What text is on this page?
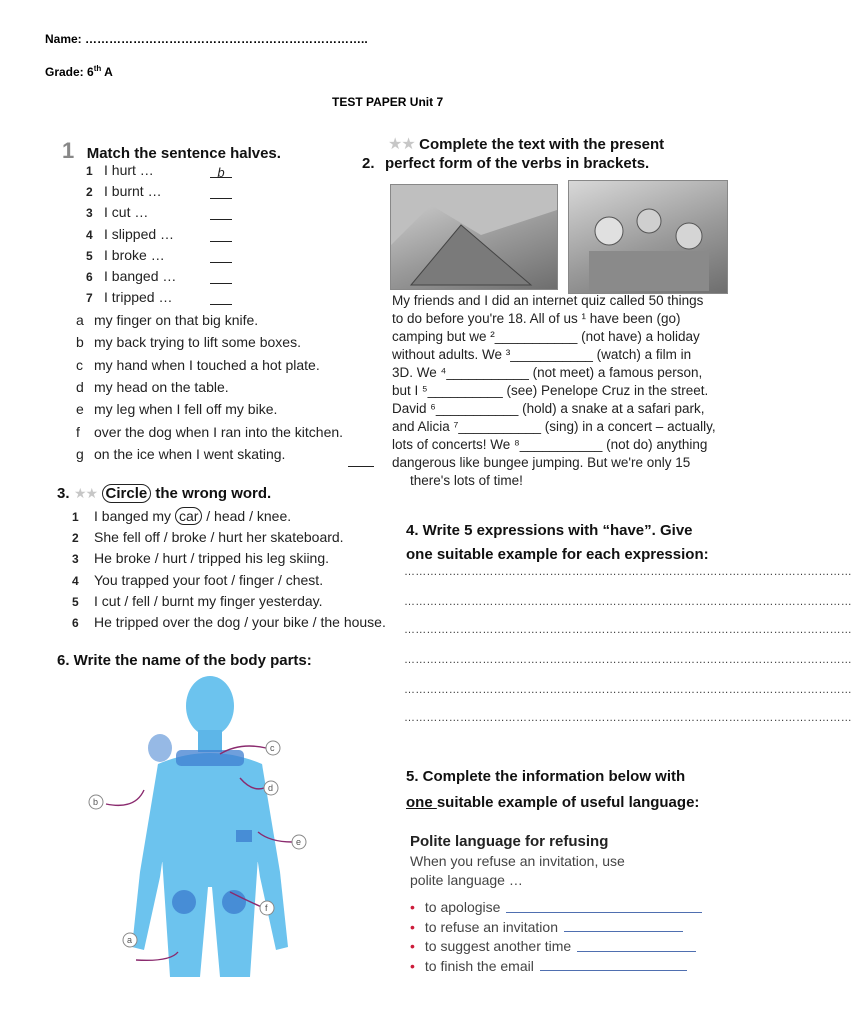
Name: ……………………………………………………………..
Grade: 6th A
TEST PAPER Unit 7
1 Match the sentence halves.
1 I hurt …	b
2 I burnt …
3 I cut …
4 I slipped …
5 I broke …
6 I banged …
7 I tripped …
a my finger on that big knife.
b my back trying to lift some boxes.
c my hand when I touched a hot plate.
d my head on the table.
e my leg when I fell off my bike.
f over the dog when I ran into the kitchen.
g on the ice when I went skating.
★★ Complete the text with the present
2. perfect form of the verbs in brackets.
My friends and I did an internet quiz called 50 things
to do before you're 18. All of us ¹ have been (go)
camping but we ²___________ (not have) a holiday
without adults. We ³___________ (watch) a film in
3D. We ⁴___________ (not meet) a famous person,
but I ⁵__________ (see) Penelope Cruz in the street.
David ⁶___________ (hold) a snake at a safari park,
and Alicia ⁷___________ (sing) in a concert – actually,
lots of concerts! We ⁸___________ (not do) anything
dangerous like bungee jumping. But we're only 15
there's lots of time!
3. ★★ Circle the wrong word.
1 I banged my car / head / knee.
2 She fell off / broke / hurt her skateboard.
3 He broke / hurt / tripped his leg skiing.
4 You trapped your foot / finger / chest.
5 I cut / fell / burnt my finger yesterday.
6 He tripped over the dog / your bike / the house.
4. Write 5 expressions with “have”. Give
one suitable example for each expression:
…………………………………………………………………………………………………………
…………………………………………………………………………………………………………
…………………………………………………………………………………………………………
…………………………………………………………………………………………………………
…………………………………………………………………………………………………………
…………………………………………………………………………………………………………
6. Write the name of the body parts:
a
b
c
d
e
f
5. Complete the information below with
one suitable example of useful language:
Polite language for refusing
When you refuse an invitation, use
polite language …
• to apologise
• to refuse an invitation
• to suggest another time
• to finish the email
